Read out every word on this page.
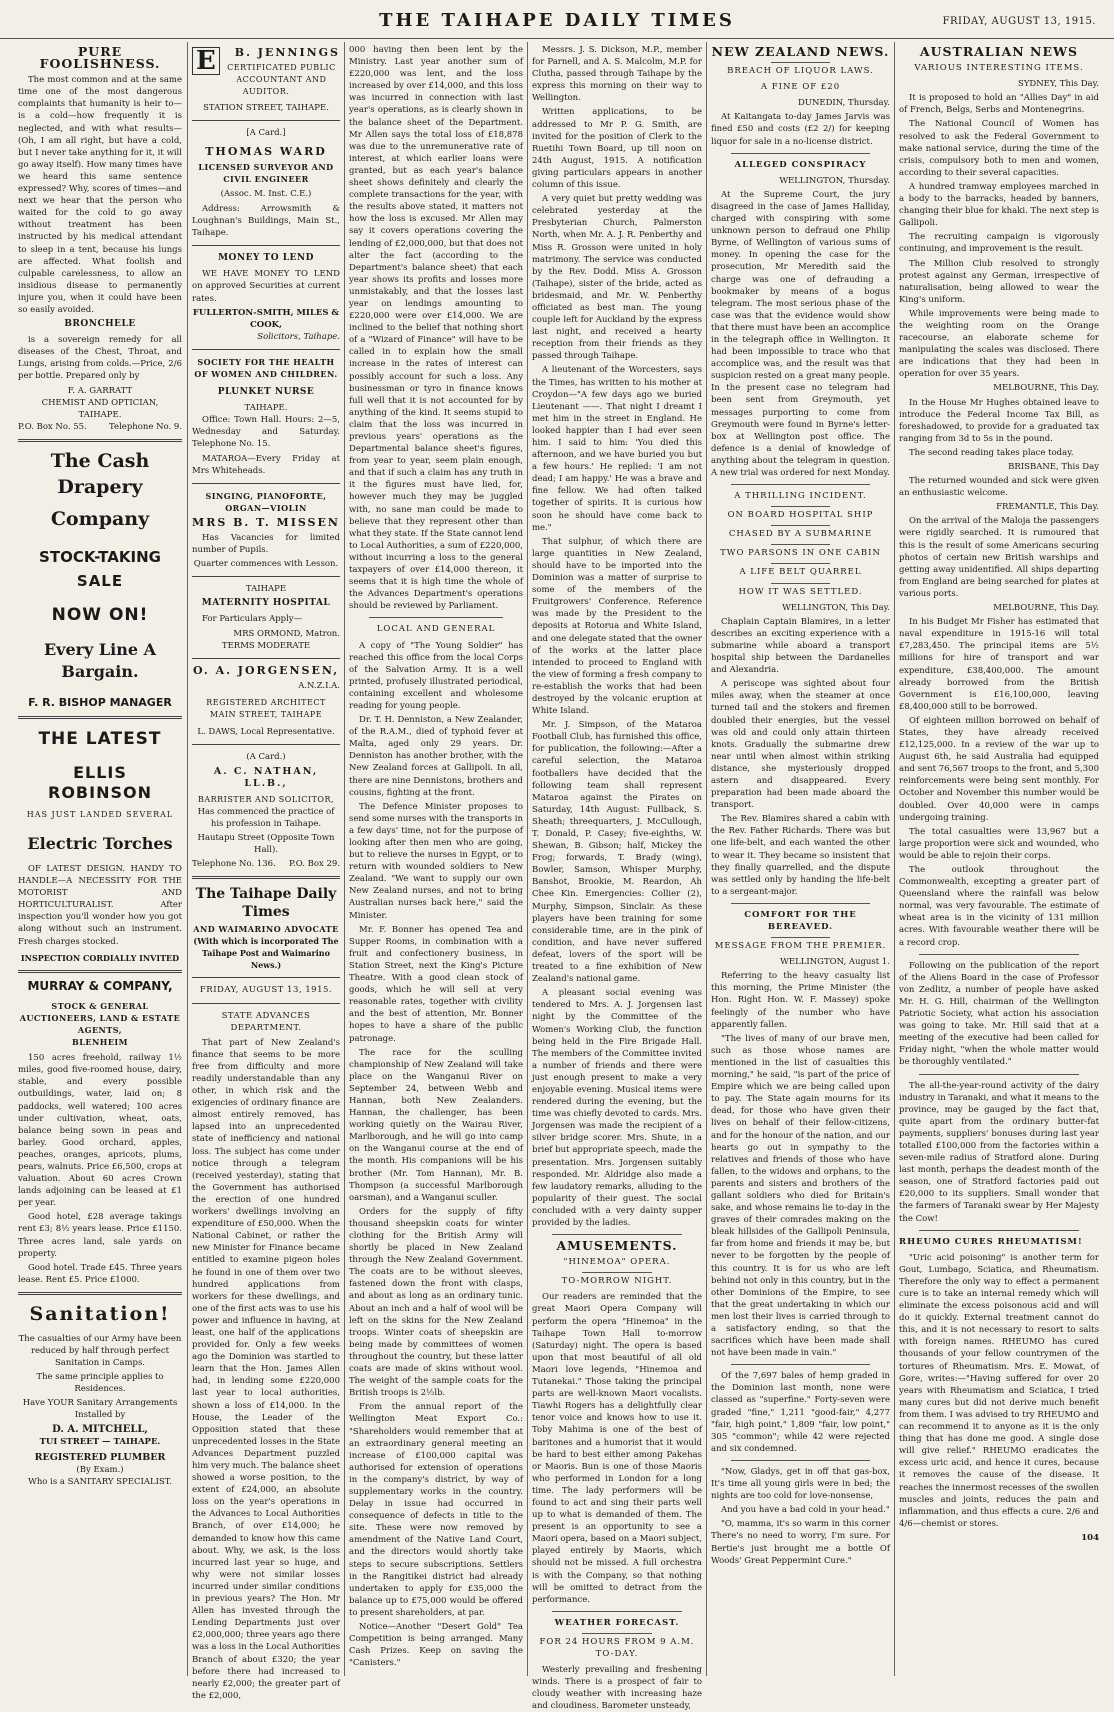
THE TAIHAPE DAILY TIMES	FRIDAY, AUGUST 13, 1915.
PURE FOOLISHNESS.

The most common and at the same time one of the most dangerous complaints that humanity is heir to—is a cold—how frequently it is neglected, and with what results—(Oh, I am all right, but have a cold, but I never take anything for it, it will go away itself). How many times have we heard this same sentence expressed? Why, scores of times—and next we hear that the person who waited for the cold to go away without treatment has been instructed by his medical attendant to sleep in a tent, because his lungs are affected. What foolish and culpable carelessness, to allow an insidious disease to permanently injure you, when it could have been so easily avoided.

BRONCHELE

is a sovereign remedy for all diseases of the Chest, Throat, and Lungs, arising from colds.—Price, 2/6 per bottle. Prepared only by

F. A. GARRATT
CHEMIST AND OPTICIAN,
TAIHAPE.
P.O. Box No. 55.	Telephone No. 9.
The Cash Drapery
Company
STOCK-TAKING
SALE
NOW ON!
Every Line A Bargain.
F. R. BISHOP MANAGER
THE LATEST
ELLIS ROBINSON
HAS JUST LANDED SEVERAL
Electric Torches

OF LATEST DESIGN. HANDY TO HANDLE—A NECESSITY FOR THE MOTORIST AND HORTICULTURALIST. After inspection you'll wonder how you got along without such an instrument. Fresh charges stocked.

INSPECTION CORDIALLY INVITED
MURRAY & COMPANY,
STOCK & GENERAL AUCTIONEERS, LAND & ESTATE AGENTS,
BLENHEIM

150 acres freehold, railway 1½ miles, good five-roomed house, dairy, stable, and every possible outbuildings, water, laid on; 8 paddocks, well watered; 100 acres under cultivation, wheat, oats, balance being sown in peas and barley. Good orchard, apples, peaches, oranges, apricots, plums, pears, walnuts. Price £6,500, crops at valuation. About 60 acres Crown lands adjoining can be leased at £1 per year.

Good hotel, £28 average takings rent £3; 8½ years lease. Price £1150. Three acres land, sale yards on property.

Good hotel. Trade £45. Three years lease. Rent £5. Price £1000.

Sanitation!

The casualties of our Army have been reduced by half through perfect Sanitation in Camps.

The same principle applies to Residences.

Have YOUR Sanitary Arrangements Installed by

D. A. MITCHELL,
TUI STREET — TAIHAPE.
REGISTERED PLUMBER
(By Exam.)
Who is a SANITARY SPECIALIST.
E	B. JENNINGS
CERTIFICATED PUBLIC ACCOUNTANT AND AUDITOR.
STATION STREET, TAIHAPE.
[A Card.]
THOMAS WARD
LICENSED SURVEYOR AND CIVIL ENGINEER
(Assoc. M. Inst. C.E.)

Address: Arrowsmith & Loughnan's Buildings, Main St., Taihape.

MONEY TO LEND

WE HAVE MONEY TO LEND on approved Securities at current rates.

FULLERTON-SMITH, MILES & COOK,
Solicitors, Taihape.
SOCIETY FOR THE HEALTH OF WOMEN AND CHILDREN.
PLUNKET NURSE
TAIHAPE.

Office: Town Hall. Hours: 2—5, Wednesday and Saturday. Telephone No. 15.

MATAROA—Every Friday at Mrs Whiteheads.

SINGING, PIANOFORTE, ORGAN—VIOLIN
MRS B. T. MISSEN

Has Vacancies for limited number of Pupils.

Quarter commences with Lesson.

TAIHAPE
MATERNITY HOSPITAL

For Particulars Apply—

MRS ORMOND, Matron.
TERMS MODERATE
O. A. JORGENSEN,
A.N.Z.I.A.
REGISTERED ARCHITECT
MAIN STREET, TAIHAPE
L. DAWS, Local Representative.
(A Card.)
A. C. NATHAN, LL.B.,
BARRISTER AND SOLICITOR,

Has commenced the practice of his profession in Taihape.

Hautapu Street (Opposite Town Hall).

Telephone No. 136. P.O. Box 29.
The Taihape Daily Times
AND WAIMARINO ADVOCATE
(With which is incorporated The Taihape Post and Waimarino News.)
FRIDAY, AUGUST 13, 1915.
STATE ADVANCES DEPARTMENT.

That part of New Zealand's finance that seems to be more free from difficulty and more readily understandable than any other, in which risk and the exigencies of ordinary finance are almost entirely removed, has lapsed into an unprecedented state of inefficiency and national loss. The subject has come under notice through a telegram (received yesterday), stating that the Government has authorised the erection of one hundred workers' dwellings involving an expenditure of £50,000. When the National Cabinet, or rather the new Minister for Finance became entitled to examine pigeon holes he found in one of them over two hundred applications from workers for these dwellings, and one of the first acts was to use his power and influence in having, at least, one half of the applications provided for. Only a few weeks ago the Dominion was startled to learn that the Hon. James Allen had, in lending some £220,000 last year to local authorities, shown a loss of £14,000. In the House, the Leader of the Opposition stated that these unprecedented losses in the State Advances Department puzzled him very much. The balance sheet showed a worse position, to the extent of £24,000, an absolute loss on the year's operations in the Advances to Local Authorities Branch, of over £14,000; he demanded to know how this came about. Why, we ask, is the loss incurred last year so huge, and why were not similar losses incurred under similar conditions in previous years? The Hon. Mr Allen has invested through the Lending Departments just over £2,000,000; three years ago there was a loss in the Local Authorities Branch of about £320; the year before there had increased to nearly £2,000; the greater part of the £2,000,

000 having then been lent by the Ministry. Last year another sum of £220,000 was lent, and the loss increased by over £14,000, and this loss was incurred in connection with last year's operations, as is clearly shown in the balance sheet of the Department. Mr Allen says the total loss of £18,878 was due to the unremunerative rate of interest, at which earlier loans were granted, but as each year's balance sheet shows definitely and clearly the complete transactions for the year, with the results above stated, it matters not how the loss is excused. Mr Allen may say it covers operations covering the lending of £2,000,000, but that does not alter the fact (according to the Department's balance sheet) that each year shows its profits and losses more unmistakably, and that the losses last year on lendings amounting to £220,000 were over £14,000. We are inclined to the belief that nothing short of a "Wizard of Finance" will have to be called in to explain how the small increase in the rates of interest can possibly account for such a loss. Any businessman or tyro in finance knows full well that it is not accounted for by anything of the kind. It seems stupid to claim that the loss was incurred in previous years' operations as the Departmental balance sheet's figures, from year to year, seem plain enough, and that if such a claim has any truth in it the figures must have lied, for, however much they may be juggled with, no sane man could be made to believe that they represent other than what they state. If the State cannot lend to Local Authorities, a sum of £220,000, without incurring a loss to the general taxpayers of over £14,000 thereon, it seems that it is high time the whole of the Advances Department's operations should be reviewed by Parliament.

LOCAL AND GENERAL

A copy of "The Young Soldier" has reached this office from the local Corps of the Salvation Army. It is a well printed, profusely illustrated periodical, containing excellent and wholesome reading for young people.

Dr. T. H. Denniston, a New Zealander, of the R.A.M., died of typhoid fever at Malta, aged only 29 years. Dr. Denniston has another brother, with the New Zealand forces at Gallipoli. In all, there are nine Dennistons, brothers and cousins, fighting at the front.

The Defence Minister proposes to send some nurses with the transports in a few days' time, not for the purpose of looking after then men who are going, but to relieve the nurses in Egypt, or to return with wounded soldiers to New Zealand. "We want to supply our own New Zealand nurses, and not to bring Australian nurses back here," said the Minister.

Mr. F. Bonner has opened Tea and Supper Rooms, in combination with a fruit and confectionery business, in Station Street, next the King's Picture Theatre. With a good clean stock of goods, which he will sell at very reasonable rates, together with civility and the best of attention, Mr. Bonner hopes to have a share of the public patronage.

The race for the sculling championship of New Zealand will take place on the Wanganui River on September 24, between Webb and Hannan, both New Zealanders. Hannan, the challenger, has been working quietly on the Wairau River, Marlborough, and he will go into camp on the Wanganui course at the end of the month. His companions will be his brother (Mr. Tom Hannan), Mr. B. Thompson (a successful Marlborough oarsman), and a Wanganui sculler.

Orders for the supply of fifty thousand sheepskin coats for winter clothing for the British Army will shortly be placed in New Zealand through the New Zealand Government. The coats are to be without sleeves, fastened down the front with clasps, and about as long as an ordinary tunic. About an inch and a half of wool will be left on the skins for the New Zealand troops. Winter coats of sheepskin are being made by committees of women throughout the country, but these latter coats are made of skins without wool. The weight of the sample coats for the British troops is 2½lb.

From the annual report of the Wellington Meat Export Co.: "Shareholders would remember that at an extraordinary general meeting an increase of £100,000 capital was authorised for extension of operations in the company's district, by way of supplementary works in the country. Delay in issue had occurred in consequence of defects in title to the site. These were now removed by amendment of the Native Land Court, and the directors would shortly take steps to secure subscriptions. Settlers in the Rangitikei district had already undertaken to apply for £35,000 the balance up to £75,000 would be offered to present shareholders, at par.

Notice—Another "Desert Gold" Tea Competition is being arranged. Many Cash Prizes. Keep on saving the "Canisters."

Messrs. J. S. Dickson, M.P., member for Parnell, and A. S. Malcolm, M.P. for Clutha, passed through Taihape by the express this morning on their way to Wellington.

Written applications, to be addressed to Mr P. G. Smith, are invited for the position of Clerk to the Ruetihi Town Board, up till noon on 24th August, 1915. A notification giving particulars appears in another column of this issue.

A very quiet but pretty wedding was celebrated yesterday at the Presbyterian Church, Palmerston North, when Mr. A. J. R. Penberthy and Miss R. Grosson were united in holy matrimony. The service was conducted by the Rev. Dodd. Miss A. Grosson (Taihape), sister of the bride, acted as bridesmaid, and Mr. W. Penberthy officiated as best man. The young couple left for Auckland by the express last night, and received a hearty reception from their friends as they passed through Taihape.

A lieutenant of the Worcesters, says the Times, has written to his mother at Croydon—"A few days ago we buried Lieutenant ——. That night I dreamt I met him in the street in England. He looked happier than I had ever seen him. I said to him: 'You died this afternoon, and we have buried you but a few hours.' He replied: 'I am not dead; I am happy.' He was a brave and fine fellow. We had often talked together of spirits. It is curious how soon he should have come back to me."

That sulphur, of which there are large quantities in New Zealand, should have to be imported into the Dominion was a matter of surprise to some of the members of the Fruitgrowers' Conference. Reference was made by the President to the deposits at Rotorua and White Island, and one delegate stated that the owner of the works at the latter place intended to proceed to England with the view of forming a fresh company to re-establish the works that had been destroyed by the volcanic eruption at White Island.

Mr. J. Simpson, of the Mataroa Football Club, has furnished this office, for publication, the following:—After a careful selection, the Mataroa footballers have decided that the following team shall represent Mataroa against the Pirates on Saturday, 14th August: Fullback, S. Sheath; threequarters, J. McCullough, T. Donald, P. Casey; five-eighths, W. Shewan, B. Gibson; half, Mickey the Frog; forwards, T. Brady (wing), Bowler, Samson, Whisper Murphy, Banshot, Brookie, M. Reardon, Ah Chee Kin. Emergencies: Collier (2), Murphy, Simpson, Sinclair. As these players have been training for some considerable time, are in the pink of condition, and have never suffered defeat, lovers of the sport will be treated to a fine exhibition of New Zealand's national game.

A pleasant social evening was tendered to Mrs. A. J. Jorgensen last night by the Committee of the Women's Working Club, the function being held in the Fire Brigade Hall. The members of the Committee invited a number of friends and there were just enough present to make a very enjoyable evening. Musical items were rendered during the evening, but the time was chiefly devoted to cards. Mrs. Jorgensen was made the recipient of a silver bridge scorer. Mrs. Shute, in a brief but appropriate speech, made the presentation. Mrs. Jorgensen suitably responded. Mr. Aldridge also made a few laudatory remarks, alluding to the popularity of their guest. The social concluded with a very dainty supper provided by the ladies.

AMUSEMENTS.
"HINEMOA" OPERA.
TO-MORROW NIGHT.

Our readers are reminded that the great Maori Opera Company will perform the opera "Hinemoa" in the Taihape Town Hall to-morrow (Saturday) night. The opera is based upon that most beautiful of all old Maori love legends, "Hinemoa and Tutanekai." Those taking the principal parts are well-known Maori vocalists. Tiawhi Rogers has a delightfully clear tenor voice and knows how to use it. Toby Mahima is one of the best of baritones and a humorist that it would be hard to best either among Pakehas or Maoris. Bun is one of those Maoris who performed in London for a long time. The lady performers will be found to act and sing their parts well up to what is demanded of them. The present is an opportunity to see a Maori opera, based on a Maori subject, played entirely by Maoris, which should not be missed. A full orchestra is with the Company, so that nothing will be omitted to detract from the performance.

WEATHER FORECAST.
FOR 24 HOURS FROM 9 A.M. TO-DAY.

Westerly prevailing and freshening winds. There is a prospect of fair to cloudy weather with increasing haze and cloudiness. Barometer unsteady,

NEW ZEALAND NEWS.
BREACH OF LIQUOR LAWS.
A FINE OF £20

DUNEDIN, Thursday.

At Kaitangata to-day James Jarvis was fined £50 and costs (£2 2/) for keeping liquor for sale in a no-license district.

ALLEGED CONSPIRACY

WELLINGTON, Thursday.

At the Supreme Court, the jury disagreed in the case of James Halliday, charged with conspiring with some unknown person to defraud one Philip Byrne, of Wellington of various sums of money. In opening the case for the prosecution, Mr Meredith said the charge was one of defrauding a bookmaker by means of a bogus telegram. The most serious phase of the case was that the evidence would show that there must have been an accomplice in the telegraph office in Wellington. It had been impossible to trace who that accomplice was, and the result was that suspicion rested on a great many people. In the present case no telegram had been sent from Greymouth, yet messages purporting to come from Greymouth were found in Byrne's letter-box at Wellington post office. The defence is a denial of knowledge of anything about the telegram in question. A new trial was ordered for next Monday.

A THRILLING INCIDENT.
ON BOARD HOSPITAL SHIP
CHASED BY A SUBMARINE
TWO PARSONS IN ONE CABIN
A LIFE BELT QUARREL
HOW IT WAS SETTLED.

WELLINGTON, This Day.

Chaplain Captain Blamires, in a letter describes an exciting experience with a submarine while aboard a transport hospital ship between the Dardanelles and Alexandria.

A periscope was sighted about four miles away, when the steamer at once turned tail and the stokers and firemen doubled their energies, but the vessel was old and could only attain thirteen knots. Gradually the submarine drew near until when almost within striking distance, she mysteriously dropped astern and disappeared. Every preparation had been made aboard the transport.

The Rev. Blamires shared a cabin with the Rev. Father Richards. There was but one life-belt, and each wanted the other to wear it. They became so insistent that they finally quarrelled, and the dispute was settled only by handing the life-belt to a sergeant-major.

COMFORT FOR THE BEREAVED.
MESSAGE FROM THE PREMIER.

WELLINGTON, August 1.

Referring to the heavy casualty list this morning, the Prime Minister (the Hon. Right Hon. W. F. Massey) spoke feelingly of the number who have apparently fallen.

"The lives of many of our brave men, such as those whose names are mentioned in the list of casualties this morning," he said, "is part of the price of Empire which we are being called upon to pay. The State again mourns for its dead, for those who have given their lives on behalf of their fellow-citizens, and for the honour of the nation, and our hearts go out in sympathy to the relatives and friends of those who have fallen, to the widows and orphans, to the parents and sisters and brothers of the gallant soldiers who died for Britain's sake, and whose remains lie to-day in the graves of their comrades making on the bleak hillsides of the Gallipoli Peninsula, far from home and friends it may be, but never to be forgotten by the people of this country. It is for us who are left behind not only in this country, but in the other Dominions of the Empire, to see that the great undertaking in which our men lost their lives is carried through to a satisfactory ending, so that the sacrifices which have been made shall not have been made in vain."

Of the 7,697 bales of hemp graded in the Dominion last month, none were classed as "superfine." Forty-seven were graded "fine," 1,211 "good-fair," 4,277 "fair, high point," 1,809 "fair, low point," 305 "common"; while 42 were rejected and six condemned.

"Now, Gladys, get in off that gas-box, It's time all young girls were in bed; the nights are too cold for love-nonsense,

And you have a bad cold in your head."

"O, mamma, it's so warm in this corner There's no need to worry, I'm sure. For Bertie's just brought me a bottle Of Woods' Great Peppermint Cure."

AUSTRALIAN NEWS
VARIOUS INTERESTING ITEMS.

SYDNEY, This Day.

It is proposed to hold an "Allies Day" in aid of French, Belgs, Serbs and Montenegrins.

The National Council of Women has resolved to ask the Federal Government to make national service, during the time of the crisis, compulsory both to men and women, according to their several capacities.

A hundred tramway employees marched in a body to the barracks, headed by banners, changing their blue for khaki. The next step is Gallipoli.

The recruiting campaign is vigorously continuing, and improvement is the result.

The Million Club resolved to strongly protest against any German, irrespective of naturalisation, being allowed to wear the King's uniform.

While improvements were being made to the weighting room on the Orange racecourse, an elaborate scheme for manipulating the scales was disclosed. There are indications that they had been in operation for over 35 years.

MELBOURNE, This Day.

In the House Mr Hughes obtained leave to introduce the Federal Income Tax Bill, as foreshadowed, to provide for a graduated tax ranging from 3d to 5s in the pound.

The second reading takes place today.

BRISBANE, This Day

The returned wounded and sick were given an enthusiastic welcome.

FREMANTLE, This Day.

On the arrival of the Maloja the passengers were rigidly searched. It is rumoured that this is the result of some Americans securing photos of certain new British warships and getting away unidentified. All ships departing from England are being searched for plates at various ports.

MELBOURNE, This Day.

In his Budget Mr Fisher has estimated that naval expenditure in 1915-16 will total £7,283,450. The principal items are 5½ millions for hire of transport and war expenditure, £38,400,000. The amount already borrowed from the British Government is £16,100,000, leaving £8,400,000 still to be borrowed.

Of eighteen million borrowed on behalf of States, they have already received £12,125,000. In a review of the war up to August 6th, he said Australia had equipped and sent 76,567 troops to the front, and 5,300 reinforcements were being sent monthly. For October and November this number would be doubled. Over 40,000 were in camps undergoing training.

The total casualties were 13,967 but a large proportion were sick and wounded, who would be able to rejoin their corps.

The outlook throughout the Commonwealth, excepting a greater part of Queensland where the rainfall was below normal, was very favourable. The estimate of wheat area is in the vicinity of 131 million acres. With favourable weather there will be a record crop.

Following on the publication of the report of the Aliens Board in the case of Professor von Zedlitz, a number of people have asked Mr. H. G. Hill, chairman of the Wellington Patriotic Society, what action his association was going to take. Mr. Hill said that at a meeting of the executive had been called for Friday night, "when the whole matter would be thoroughly ventilated."

The all-the-year-round activity of the dairy industry in Taranaki, and what it means to the province, may be gauged by the fact that, quite apart from the ordinary butter-fat payments, suppliers' bonuses during last year totalled £100,000 from the factories within a seven-mile radius of Stratford alone. During last month, perhaps the deadest month of the season, one of Stratford factories paid out £20,000 to its suppliers. Small wonder that the farmers of Taranaki swear by Her Majesty the Cow!

RHEUMO CURES RHEUMATISM!

"Uric acid poisoning" is another term for Gout, Lumbago, Sciatica, and Rheumatism. Therefore the only way to effect a permanent cure is to take an internal remedy which will eliminate the excess poisonous acid and will do it quickly. External treatment cannot do this, and it is not necessary to resort to salts with foreign names. RHEUMO has cured thousands of your fellow countrymen of the tortures of Rheumatism. Mrs. E. Mowat, of Gore, writes:—"Having suffered for over 20 years with Rheumatism and Sciatica, I tried many cures but did not derive much benefit from them. I was advised to try RHEUMO and can recommend it to anyone as it is the only thing that has done me good. A single dose will give relief." RHEUMO eradicates the excess uric acid, and hence it cures, because it removes the cause of the disease. It reaches the innermost recesses of the swollen muscles and joints, reduces the pain and inflammation, and thus effects a cure. 2/6 and 4/6—chemist or stores.

104
